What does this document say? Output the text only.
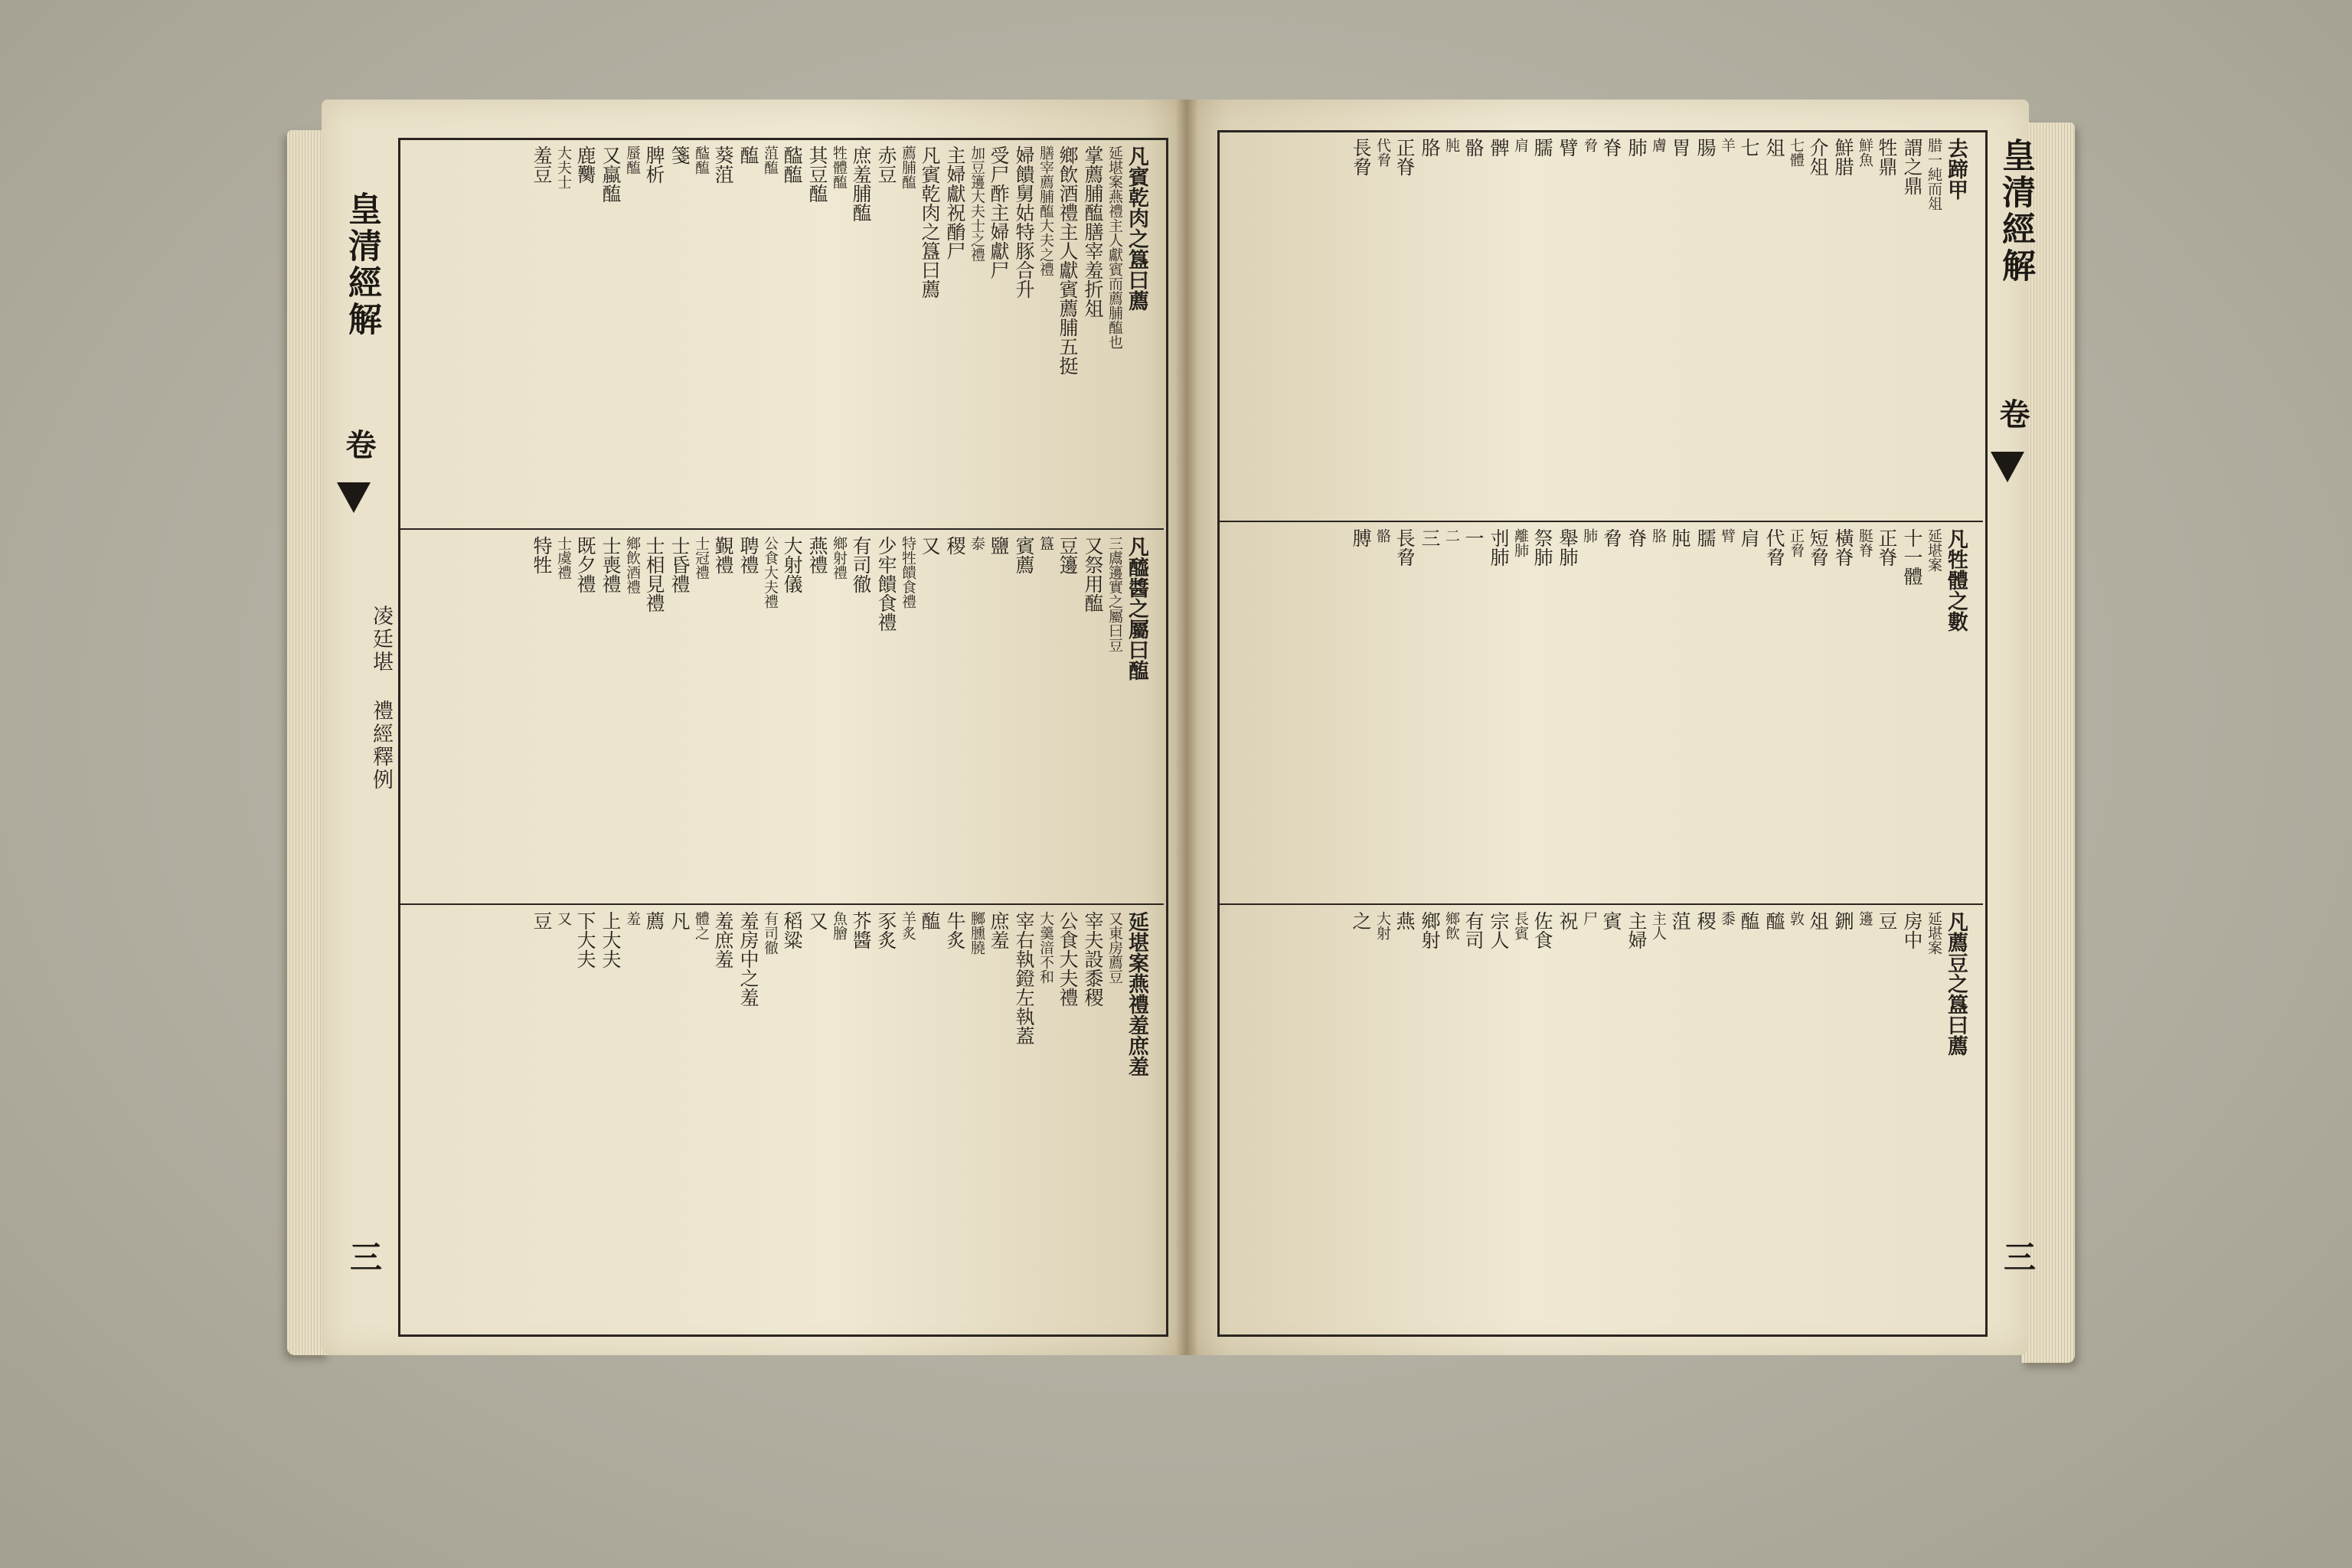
皇清經解
卷
三
凡賓乾肉之簋曰薦
延堪案燕禮主人獻賓而薦脯醢也
掌薦脯醢膳宰羞折俎
鄉飲酒禮主人獻賓薦脯五挺
膳宰薦脯醢大夫之禮
婦饋舅姑特豚合升
受尸酢主婦獻尸
加豆籩大夫士之禮
主婦獻祝酳尸
凡賓乾肉之簋曰薦
薦脯醢
赤豆
庶羞脯醢
牲體醢
其豆醢
醓醢
菹醢
醢
葵菹
醓醢
箋
脾析
蜃醢
又蠃醢
鹿臡
大夫士
羞豆
凡醯醬之屬曰醢
三鬳籩實之屬曰豆
又祭用醢
豆籩
簋
賓薦
鹽
泰
稷
又
特牲饋食禮
少牢饋食禮
有司徹
鄉射禮
燕禮
大射儀
公食大夫禮
聘禮
覲禮
士冠禮
士昏禮
士相見禮
鄉飲酒禮
士喪禮
既夕禮
士虞禮
特牲
延堪案燕禮羞庶羞
又東房薦豆
宰夫設黍稷
公食大夫禮
大羹湆不和
宰右執鐙左執蓋
庶羞
膷臐膮
牛炙
醢
羊炙
豕炙
芥醬
魚膾
又
稻粱
有司徹
羞房中之羞
羞庶羞
體之
凡
薦
羞
上大夫
下大夫
又
豆
凌廷堪 禮經釋例
皇清經解
卷
三
去蹄甲
腊一純而俎
謂之鼎
牲鼎
鮮魚
鮮腊
介俎
七體
俎
七
羊
腸
胃
膚
肺
脊
脅
臂
臑
肩
髀
骼
肫
胳
正脊
代脅
長脅
凡牲體之數
延堪案
十一體
正脊
脡脊
橫脊
短脅
正脅
代脅
肩
臂
臑
肫
胳
脊
脅
肺
舉肺
祭肺
離肺
刌肺
一
二
三
長脅
骼
膊
凡薦豆之簋曰薦
延堪案
房中
豆
籩
鉶
俎
敦
醯
醢
黍
稷
菹
主人
主婦
賓
尸
祝
佐食
長賓
宗人
有司
鄉飲
鄉射
燕
大射
之
